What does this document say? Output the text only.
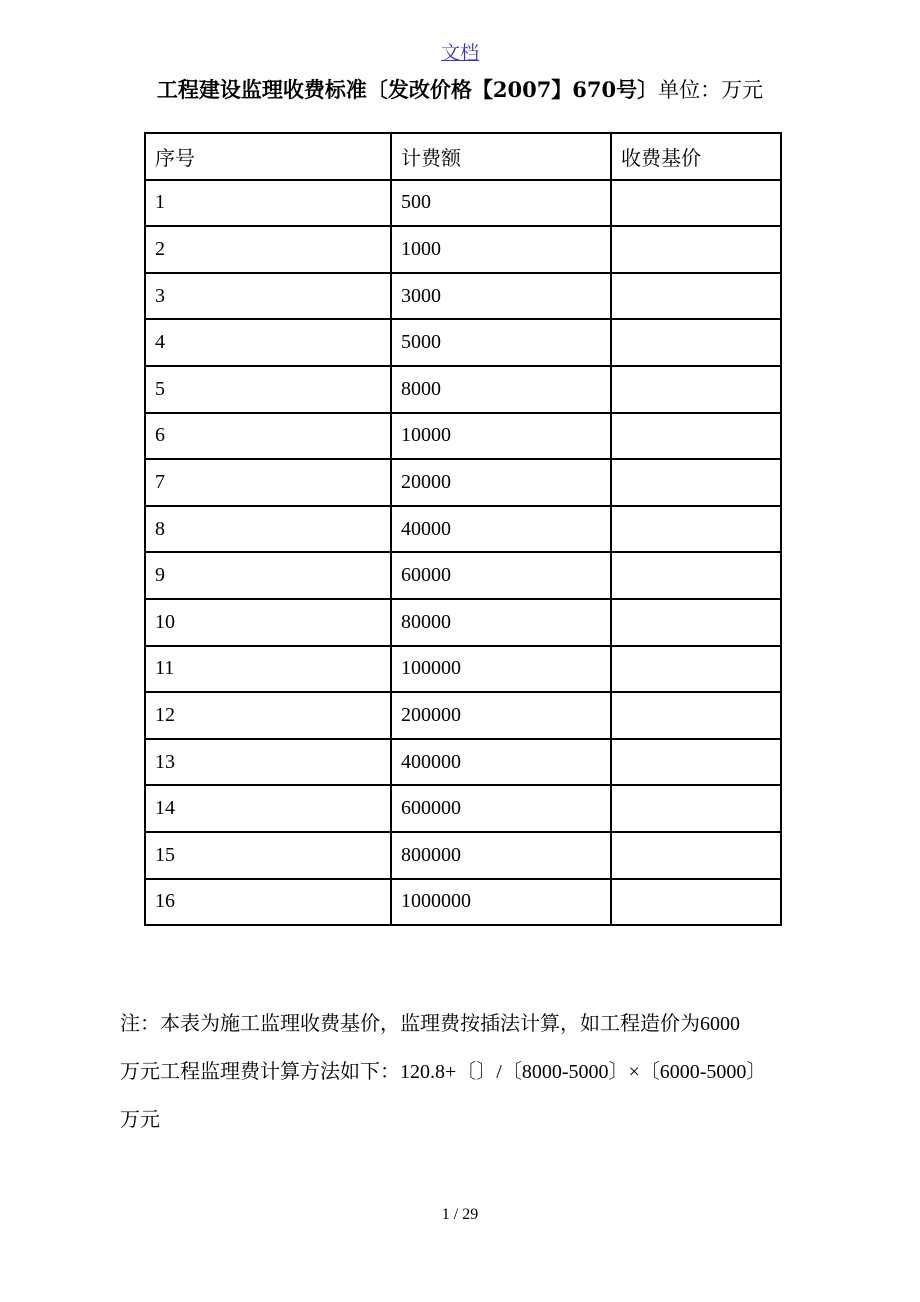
文档
工程建设监理收费标准〔发改价格【2007】670号〕单位：万元
序号	计费额	收费基价
1	500	
2	1000	
3	3000	
4	5000	
5	8000	
6	10000	
7	20000	
8	40000	
9	60000	
10	80000	
11	100000	
12	200000	
13	400000	
14	600000	
15	800000	
16	1000000	

注：本表为施工监理收费基价，监理费按插法计算，如工程造价为6000

万元工程监理费计算方法如下：120.8+〔〕/〔8000-5000〕×〔6000-5000〕

万元

1 / 29
